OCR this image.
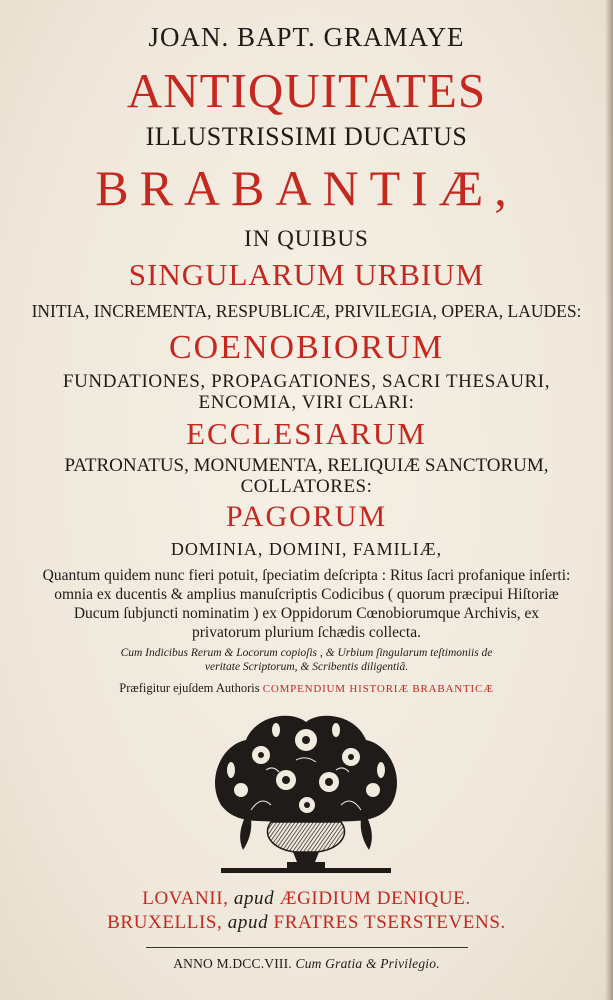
JOAN. BAPT. GRAMAYE
ANTIQUITATES
ILLUSTRISSIMI DUCATUS
BRABANTIÆ,
IN QUIBUS
SINGULARUM URBIUM
INITIA, INCREMENTA, RESPUBLICÆ, PRIVILEGIA, OPERA, LAUDES:
COENOBIORUM
FUNDATIONES, PROPAGATIONES, SACRI THESAURI,
ENCOMIA, VIRI CLARI:
ECCLESIARUM
PATRONATUS, MONUMENTA, RELIQUIÆ SANCTORUM,
COLLATORES:
PAGORUM
DOMINIA, DOMINI, FAMILIÆ,
Quantum quidem nunc fieri potuit, ſpeciatim deſcripta : Ritus ſacri profanique inſerti:
omnia ex ducentis & amplius manuſcriptis Codicibus ( quorum præcipui Hiſtoriæ
Ducum ſubjuncti nominatim ) ex Oppidorum Cœnobiorumque Archivis, ex
privatorum plurium ſchædis collecta.
Cum Indicibus Rerum & Locorum copioſis , & Urbium ſingularum teſtimoniis de
veritate Scriptorum, & Scribentis diligentiâ.
Præfigitur ejuſdem Authoris COMPENDIUM HISTORIÆ BRABANTICÆ
LOVANII, apud ÆGIDIUM DENIQUE.
BRUXELLIS, apud FRATRES TSERSTEVENS.
ANNO M.DCC.VIII. Cum Gratia & Privilegio.
